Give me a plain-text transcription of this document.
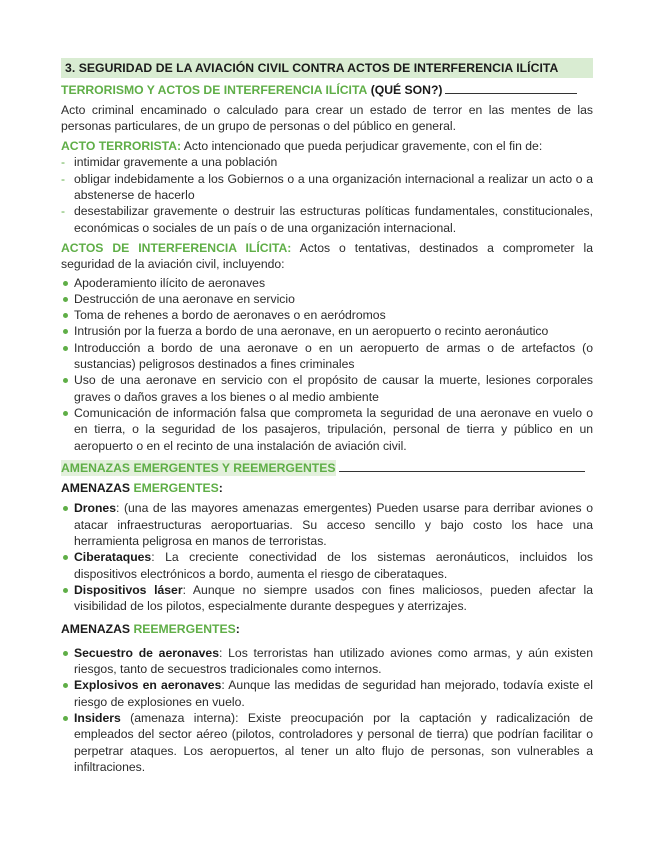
3. SEGURIDAD DE LA AVIACIÓN CIVIL CONTRA ACTOS DE INTERFERENCIA ILÍCITA
TERRORISMO Y ACTOS DE INTERFERENCIA ILÍCITA (QUÉ SON?)

Acto criminal encaminado o calculado para crear un estado de terror en las mentes de las personas particulares, de un grupo de personas o del público en general.

ACTO TERRORISTA: Acto intencionado que pueda perjudicar gravemente, con el fin de:

- intimidar gravemente a una población
- obligar indebidamente a los Gobiernos o a una organización internacional a realizar un acto o a abstenerse de hacerlo
- desestabilizar gravemente o destruir las estructuras políticas fundamentales, constitucionales, económicas o sociales de un país o de una organización internacional.

ACTOS DE INTERFERENCIA ILÍCITA: Actos o tentativas, destinados a comprometer la seguridad de la aviación civil, incluyendo:

Apoderamiento ilícito de aeronaves
Destrucción de una aeronave en servicio
Toma de rehenes a bordo de aeronaves o en aeródromos
Intrusión por la fuerza a bordo de una aeronave, en un aeropuerto o recinto aeronáutico
Introducción a bordo de una aeronave o en un aeropuerto de armas o de artefactos (o sustancias) peligrosos destinados a fines criminales
Uso de una aeronave en servicio con el propósito de causar la muerte, lesiones corporales graves o daños graves a los bienes o al medio ambiente
Comunicación de información falsa que comprometa la seguridad de una aeronave en vuelo o en tierra, o la seguridad de los pasajeros, tripulación, personal de tierra y público en un aeropuerto o en el recinto de una instalación de aviación civil.
AMENAZAS EMERGENTES Y REEMERGENTES
AMENAZAS EMERGENTES:
Drones: (una de las mayores amenazas emergentes) Pueden usarse para derribar aviones o atacar infraestructuras aeroportuarias. Su acceso sencillo y bajo costo los hace una herramienta peligrosa en manos de terroristas.
Ciberataques: La creciente conectividad de los sistemas aeronáuticos, incluidos los dispositivos electrónicos a bordo, aumenta el riesgo de ciberataques.
Dispositivos láser: Aunque no siempre usados con fines maliciosos, pueden afectar la visibilidad de los pilotos, especialmente durante despegues y aterrizajes.
AMENAZAS REEMERGENTES:
Secuestro de aeronaves: Los terroristas han utilizado aviones como armas, y aún existen riesgos, tanto de secuestros tradicionales como internos.
Explosivos en aeronaves: Aunque las medidas de seguridad han mejorado, todavía existe el riesgo de explosiones en vuelo.
Insiders (amenaza interna): Existe preocupación por la captación y radicalización de empleados del sector aéreo (pilotos, controladores y personal de tierra) que podrían facilitar o perpetrar ataques. Los aeropuertos, al tener un alto flujo de personas, son vulnerables a infiltraciones.
